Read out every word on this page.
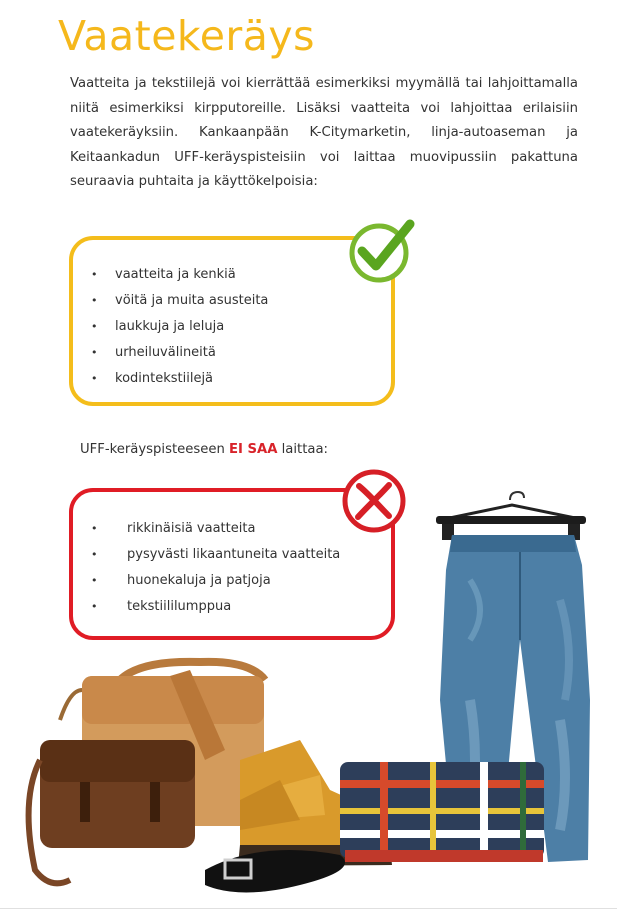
Vaatekeräys

Vaatteita ja tekstiilejä voi kierrättää esimerkiksi myymällä tai lahjoittamalla niitä esimerkiksi kirpputoreille. Lisäksi vaatteita voi lahjoittaa erilaisiin vaatekeräyksiin. Kankaanpään K-Citymarketin, linja-autoaseman ja Keitaankadun UFF-keräyspisteisiin voi laittaa muovipussiin pakattuna seuraavia puhtaita ja käyttökelpoisia:

• vaatteita ja kenkiä
• vöitä ja muita asusteita
• laukkuja ja leluja
• urheiluvälineitä
• kodintekstiilejä

UFF-keräyspisteeseen EI SAA laittaa:

• rikkinäisiä vaatteita
• pysyvästi likaantuneita vaatteita
• huonekaluja ja patjoja
• tekstiililumppua
